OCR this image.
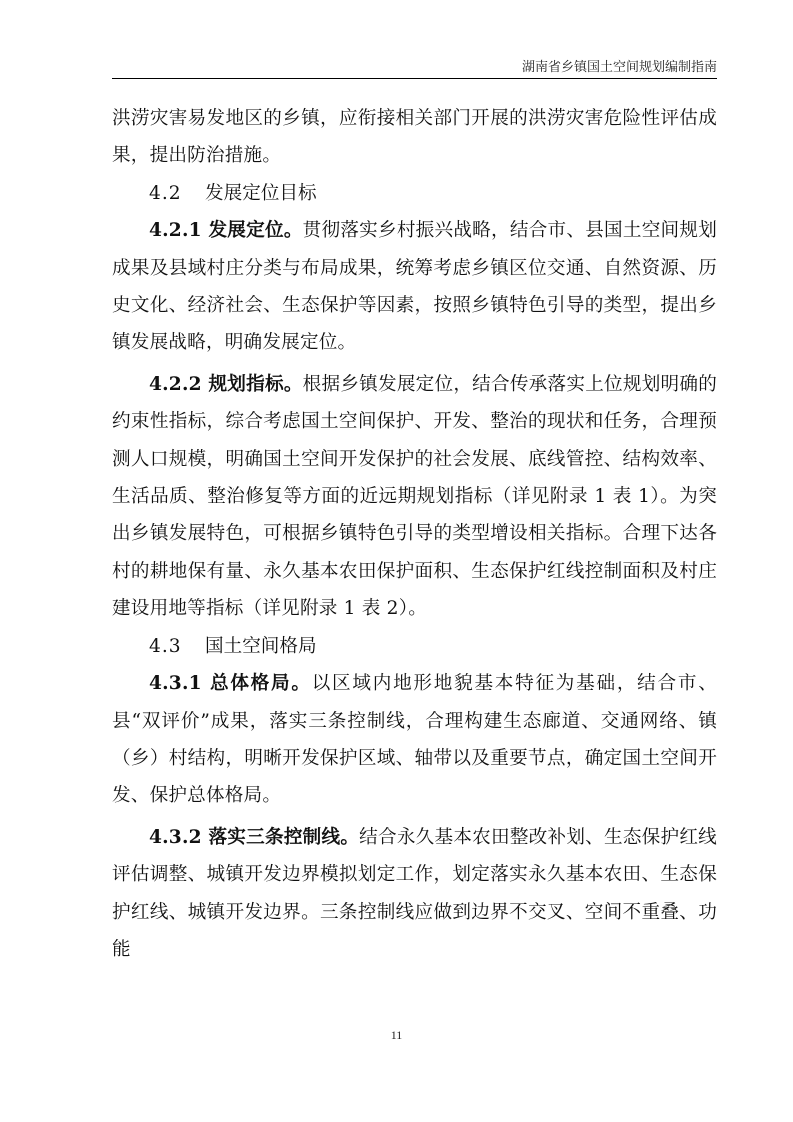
湖南省乡镇国土空间规划编制指南

洪涝灾害易发地区的乡镇，应衔接相关部门开展的洪涝灾害危险性评估成果，提出防治措施。

4.2 发展定位目标

4.2.1 发展定位。贯彻落实乡村振兴战略，结合市、县国土空间规划成果及县域村庄分类与布局成果，统筹考虑乡镇区位交通、自然资源、历史文化、经济社会、生态保护等因素，按照乡镇特色引导的类型，提出乡镇发展战略，明确发展定位。

4.2.2 规划指标。根据乡镇发展定位，结合传承落实上位规划明确的约束性指标，综合考虑国土空间保护、开发、整治的现状和任务，合理预测人口规模，明确国土空间开发保护的社会发展、底线管控、结构效率、生活品质、整治修复等方面的近远期规划指标（详见附录 1 表 1）。为突出乡镇发展特色，可根据乡镇特色引导的类型增设相关指标。合理下达各村的耕地保有量、永久基本农田保护面积、生态保护红线控制面积及村庄建设用地等指标（详见附录 1 表 2）。

4.3 国土空间格局

4.3.1 总体格局。以区域内地形地貌基本特征为基础，结合市、县“双评价”成果，落实三条控制线，合理构建生态廊道、交通网络、镇（乡）村结构，明晰开发保护区域、轴带以及重要节点，确定国土空间开发、保护总体格局。

4.3.2 落实三条控制线。结合永久基本农田整改补划、生态保护红线评估调整、城镇开发边界模拟划定工作，划定落实永久基本农田、生态保护红线、城镇开发边界。三条控制线应做到边界不交叉、空间不重叠、功能

11
